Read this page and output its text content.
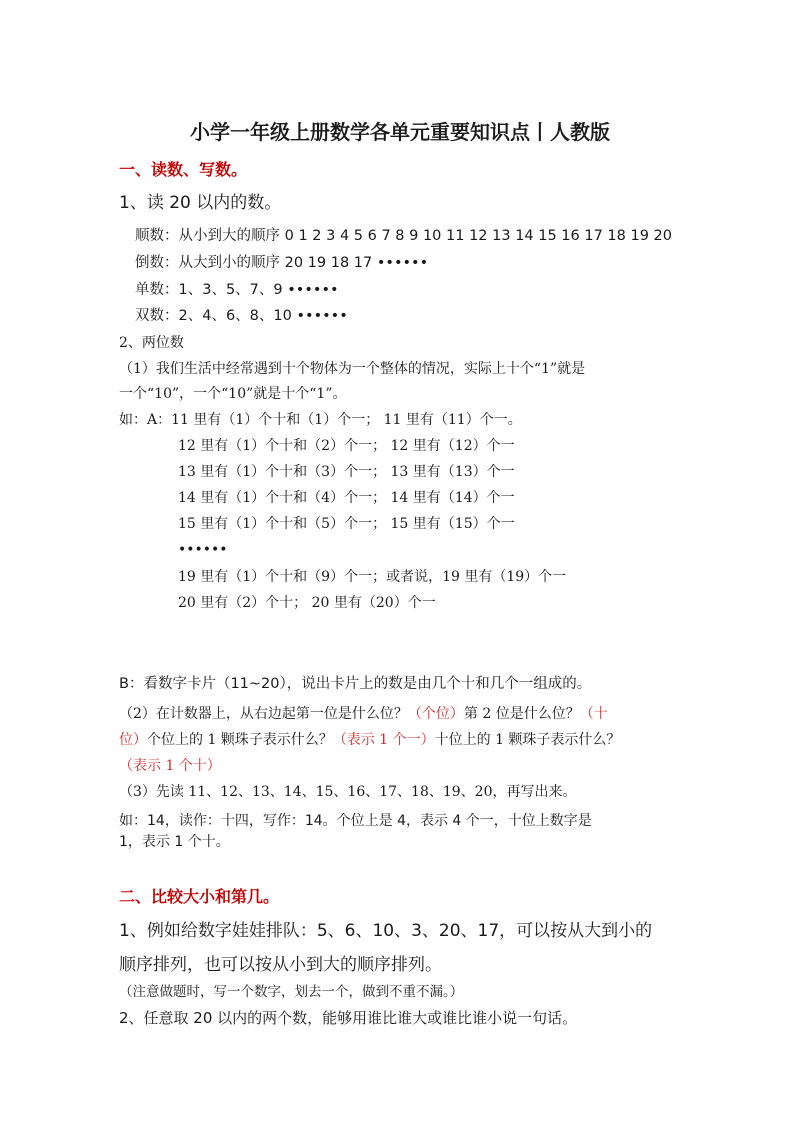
小学一年级上册数学各单元重要知识点丨人教版
一、读数、写数。
1、读 20 以内的数。
顺数：从小到大的顺序 0 1 2 3 4 5 6 7 8 9 10 11 12 13 14 15 16 17 18 19 20
倒数：从大到小的顺序 20 19 18 17 ••••••
单数：1、3、5、7、9 ••••••
双数：2、4、6、8、10 ••••••
2、两位数
（1）我们生活中经常遇到十个物体为一个整体的情况，实际上十个“1”就是
一个“10”，一个“10”就是十个“1”。
如：A：11 里有（1）个十和（1）个一； 11 里有（11）个一。
12 里有（1）个十和（2）个一； 12 里有（12）个一
13 里有（1）个十和（3）个一； 13 里有（13）个一
14 里有（1）个十和（4）个一； 14 里有（14）个一
15 里有（1）个十和（5）个一； 15 里有（15）个一
••••••
19 里有（1）个十和（9）个一；或者说，19 里有（19）个一
20 里有（2）个十； 20 里有（20）个一
B：看数字卡片（11~20），说出卡片上的数是由几个十和几个一组成的。
（2）在计数器上，从右边起第一位是什么位？（个位）第 2 位是什么位？（十
位）个位上的 1 颗珠子表示什么？（表示 1 个一）十位上的 1 颗珠子表示什么？
（表示 1 个十）
（3）先读 11、12、13、14、15、16、17、18、19、20，再写出来。
如：14，读作：十四，写作：14。个位上是 4，表示 4 个一，十位上数字是
1，表示 1 个十。
二、比较大小和第几。
1、例如给数字娃娃排队：5、6、10、3、20、17，可以按从大到小的
顺序排列，也可以按从小到大的顺序排列。
（注意做题时，写一个数字，划去一个，做到不重不漏。）
2、任意取 20 以内的两个数，能够用谁比谁大或谁比谁小说一句话。
